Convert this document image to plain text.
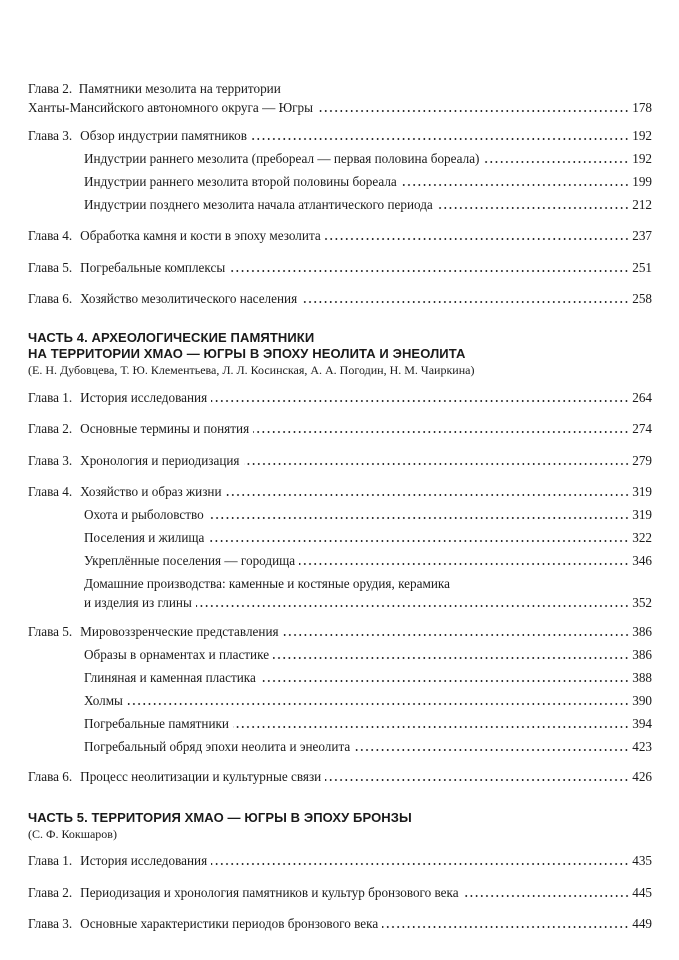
Глава 2. Памятники мезолита на территории
Ханты-Мансийского автономного округа — Югры	178
Глава 3. Обзор индустрии памятников	192
Индустрии раннего мезолита (пребореал — первая половина бореала)	192
Индустрии раннего мезолита второй половины бореала	199
Индустрии позднего мезолита начала атлантического периода	212
Глава 4. Обработка камня и кости в эпоху мезолита	237
Глава 5. Погребальные комплексы	251
Глава 6. Хозяйство мезолитического населения	258
ЧАСТЬ 4. АРХЕОЛОГИЧЕСКИЕ ПАМЯТНИКИ
НА ТЕРРИТОРИИ ХМАО — ЮГРЫ В ЭПОХУ НЕОЛИТА И ЭНЕОЛИТА
(Е. Н. Дубовцева, Т. Ю. Клементьева, Л. Л. Косинская, А. А. Погодин, Н. М. Чаиркина)
Глава 1. История исследования	264
Глава 2. Основные термины и понятия	274
Глава 3. Хронология и периодизация	279
Глава 4. Хозяйство и образ жизни	319
Охота и рыболовство	319
Поселения и жилища	322
Укреплённые поселения — городища	346
Домашние производства: каменные и костяные орудия, керамика
и изделия из глины	352
Глава 5. Мировоззренческие представления	386
Образы в орнаментах и пластике	386
Глиняная и каменная пластика	388
Холмы	390
Погребальные памятники	394
Погребальный обряд эпохи неолита и энеолита	423
Глава 6. Процесс неолитизации и культурные связи	426
ЧАСТЬ 5. ТЕРРИТОРИЯ ХМАО — ЮГРЫ В ЭПОХУ БРОНЗЫ
(С. Ф. Кокшаров)
Глава 1. История исследования	435
Глава 2. Периодизация и хронология памятников и культур бронзового века	445
Глава 3. Основные характеристики периодов бронзового века	449
